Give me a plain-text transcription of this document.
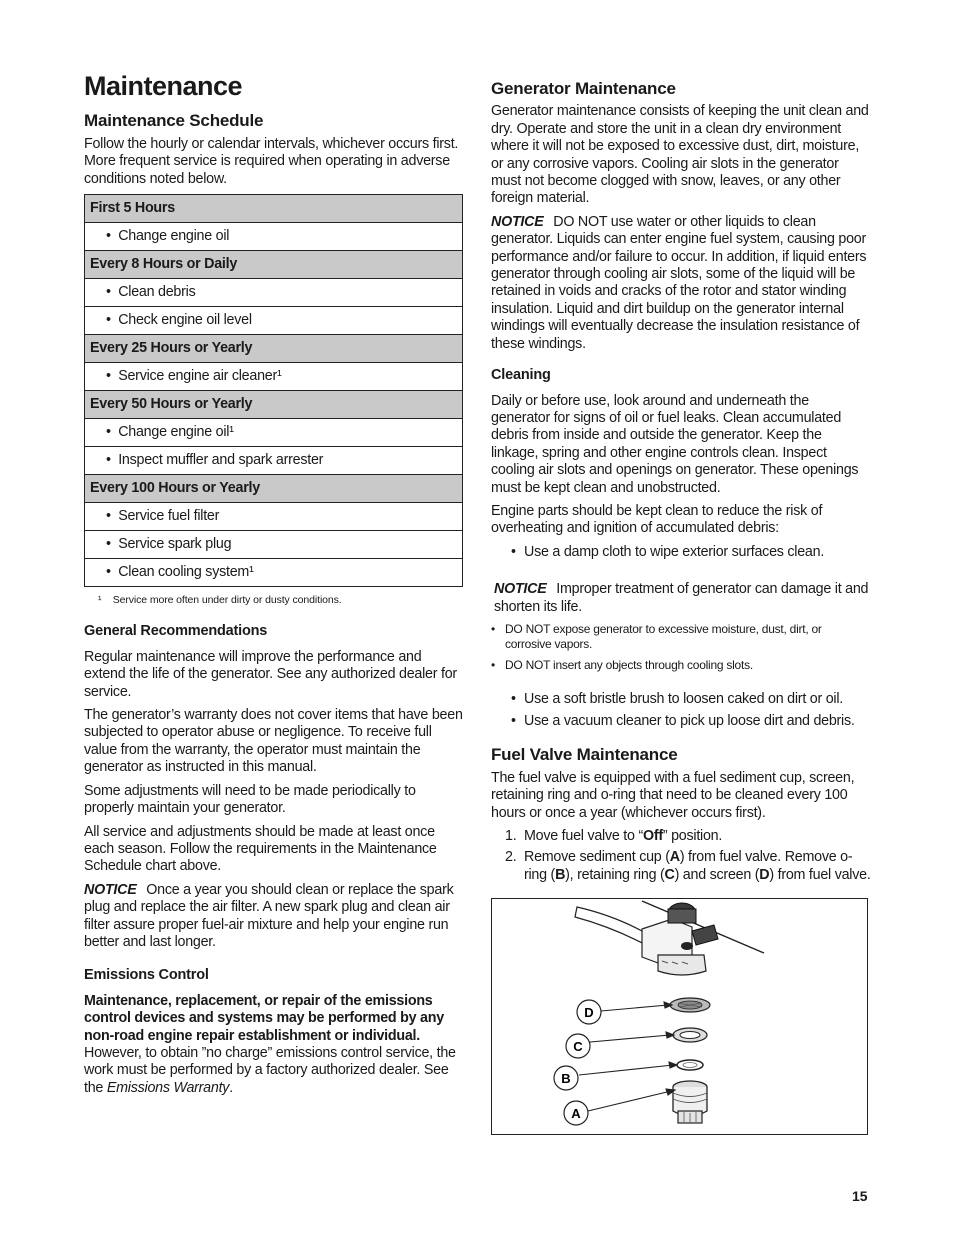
Maintenance
Maintenance Schedule

Follow the hourly or calendar intervals, whichever occurs first. More frequent service is required when operating in adverse conditions noted below.

First 5 Hours
•  Change engine oil
Every 8 Hours or Daily
•  Clean debris
•  Check engine oil level
Every 25 Hours or Yearly
•  Service engine air cleaner¹
Every 50 Hours or Yearly
•  Change engine oil¹
•  Inspect muffler and spark arrester
Every 100 Hours or Yearly
•  Service fuel filter
•  Service spark plug
•  Clean cooling system¹
¹ Service more often under dirty or dusty conditions.
General Recommendations

Regular maintenance will improve the performance and extend the life of the generator. See any authorized dealer for service.

The generator’s warranty does not cover items that have been subjected to operator abuse or negligence. To receive full value from the warranty, the operator must maintain the generator as instructed in this manual.

Some adjustments will need to be made periodically to properly maintain your generator.

All service and adjustments should be made at least once each season. Follow the requirements in the Maintenance Schedule chart above.

NOTICE Once a year you should clean or replace the spark plug and replace the air filter. A new spark plug and clean air filter assure proper fuel-air mixture and help your engine run better and last longer.

Emissions Control

Maintenance, replacement, or repair of the emissions control devices and systems may be performed by any non-road engine repair establishment or individual. However, to obtain ”no charge” emissions control service, the work must be performed by a factory authorized dealer. See the Emissions Warranty.

Generator Maintenance

Generator maintenance consists of keeping the unit clean and dry. Operate and store the unit in a clean dry environment where it will not be exposed to excessive dust, dirt, moisture, or any corrosive vapors. Cooling air slots in the generator must not become clogged with snow, leaves, or any other foreign material.

NOTICE DO NOT use water or other liquids to clean generator. Liquids can enter engine fuel system, causing poor performance and/or failure to occur. In addition, if liquid enters generator through cooling air slots, some of the liquid will be retained in voids and cracks of the rotor and stator winding insulation. Liquid and dirt buildup on the generator internal windings will eventually decrease the insulation resistance of these windings.

Cleaning

Daily or before use, look around and underneath the generator for signs of oil or fuel leaks. Clean accumulated debris from inside and outside the generator. Keep the linkage, spring and other engine controls clean. Inspect cooling air slots and openings on generator. These openings must be kept clean and unobstructed.

Engine parts should be kept clean to reduce the risk of overheating and ignition of accumulated debris:

• Use a damp cloth to wipe exterior surfaces clean.

NOTICE Improper treatment of generator can damage it and shorten its life.

• DO NOT expose generator to excessive moisture, dust, dirt, or corrosive vapors.
• DO NOT insert any objects through cooling slots.
• Use a soft bristle brush to loosen caked on dirt or oil.
• Use a vacuum cleaner to pick up loose dirt and debris.
Fuel Valve Maintenance

The fuel valve is equipped with a fuel sediment cup, screen, retaining ring and o-ring that need to be cleaned every 100 hours or once a year (whichever occurs first).

1. Move fuel valve to “Off” position.
2. Remove sediment cup (A) from fuel valve. Remove o-ring (B), retaining ring (C) and screen (D) from fuel valve.
D
C
B
A
15
